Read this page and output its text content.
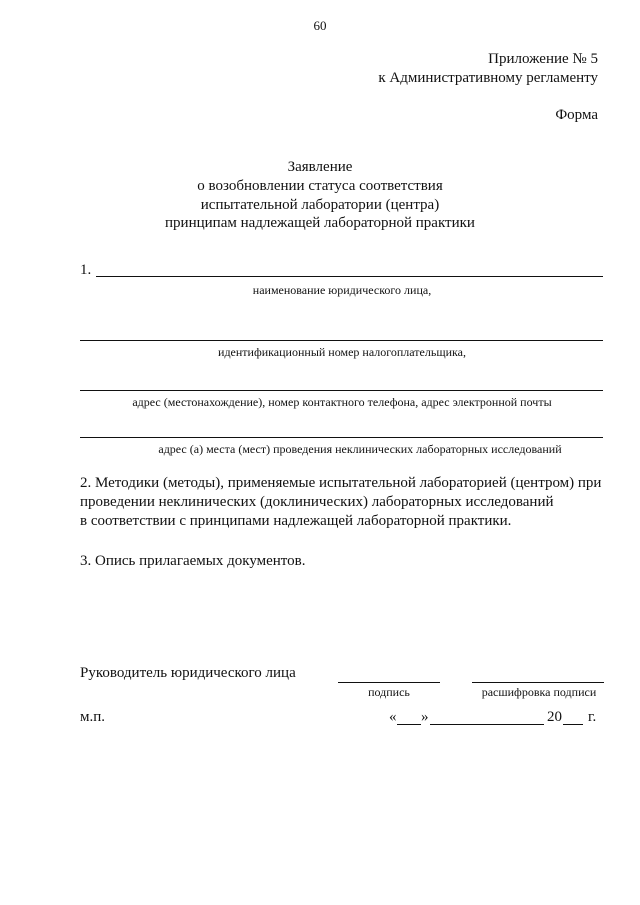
60
Приложение № 5
к Административному регламенту
Форма
Заявление
о возобновлении статуса соответствия
испытательной лаборатории (центра)
принципам надлежащей лабораторной практики
1.
наименование юридического лица,
идентификационный номер налогоплательщика,
адрес (местонахождение), номер контактного телефона, адрес электронной почты
адрес (а) места (мест) проведения неклинических лабораторных исследований
2. Методики (методы), применяемые испытательной лабораторией (центром) при
проведении неклинических (доклинических) лабораторных исследований
в соответствии с принципами надлежащей лабораторной практики.
3. Опись прилагаемых документов.
Руководитель юридического лица
подпись	расшифровка подписи
м.п.	« »	20 г.
